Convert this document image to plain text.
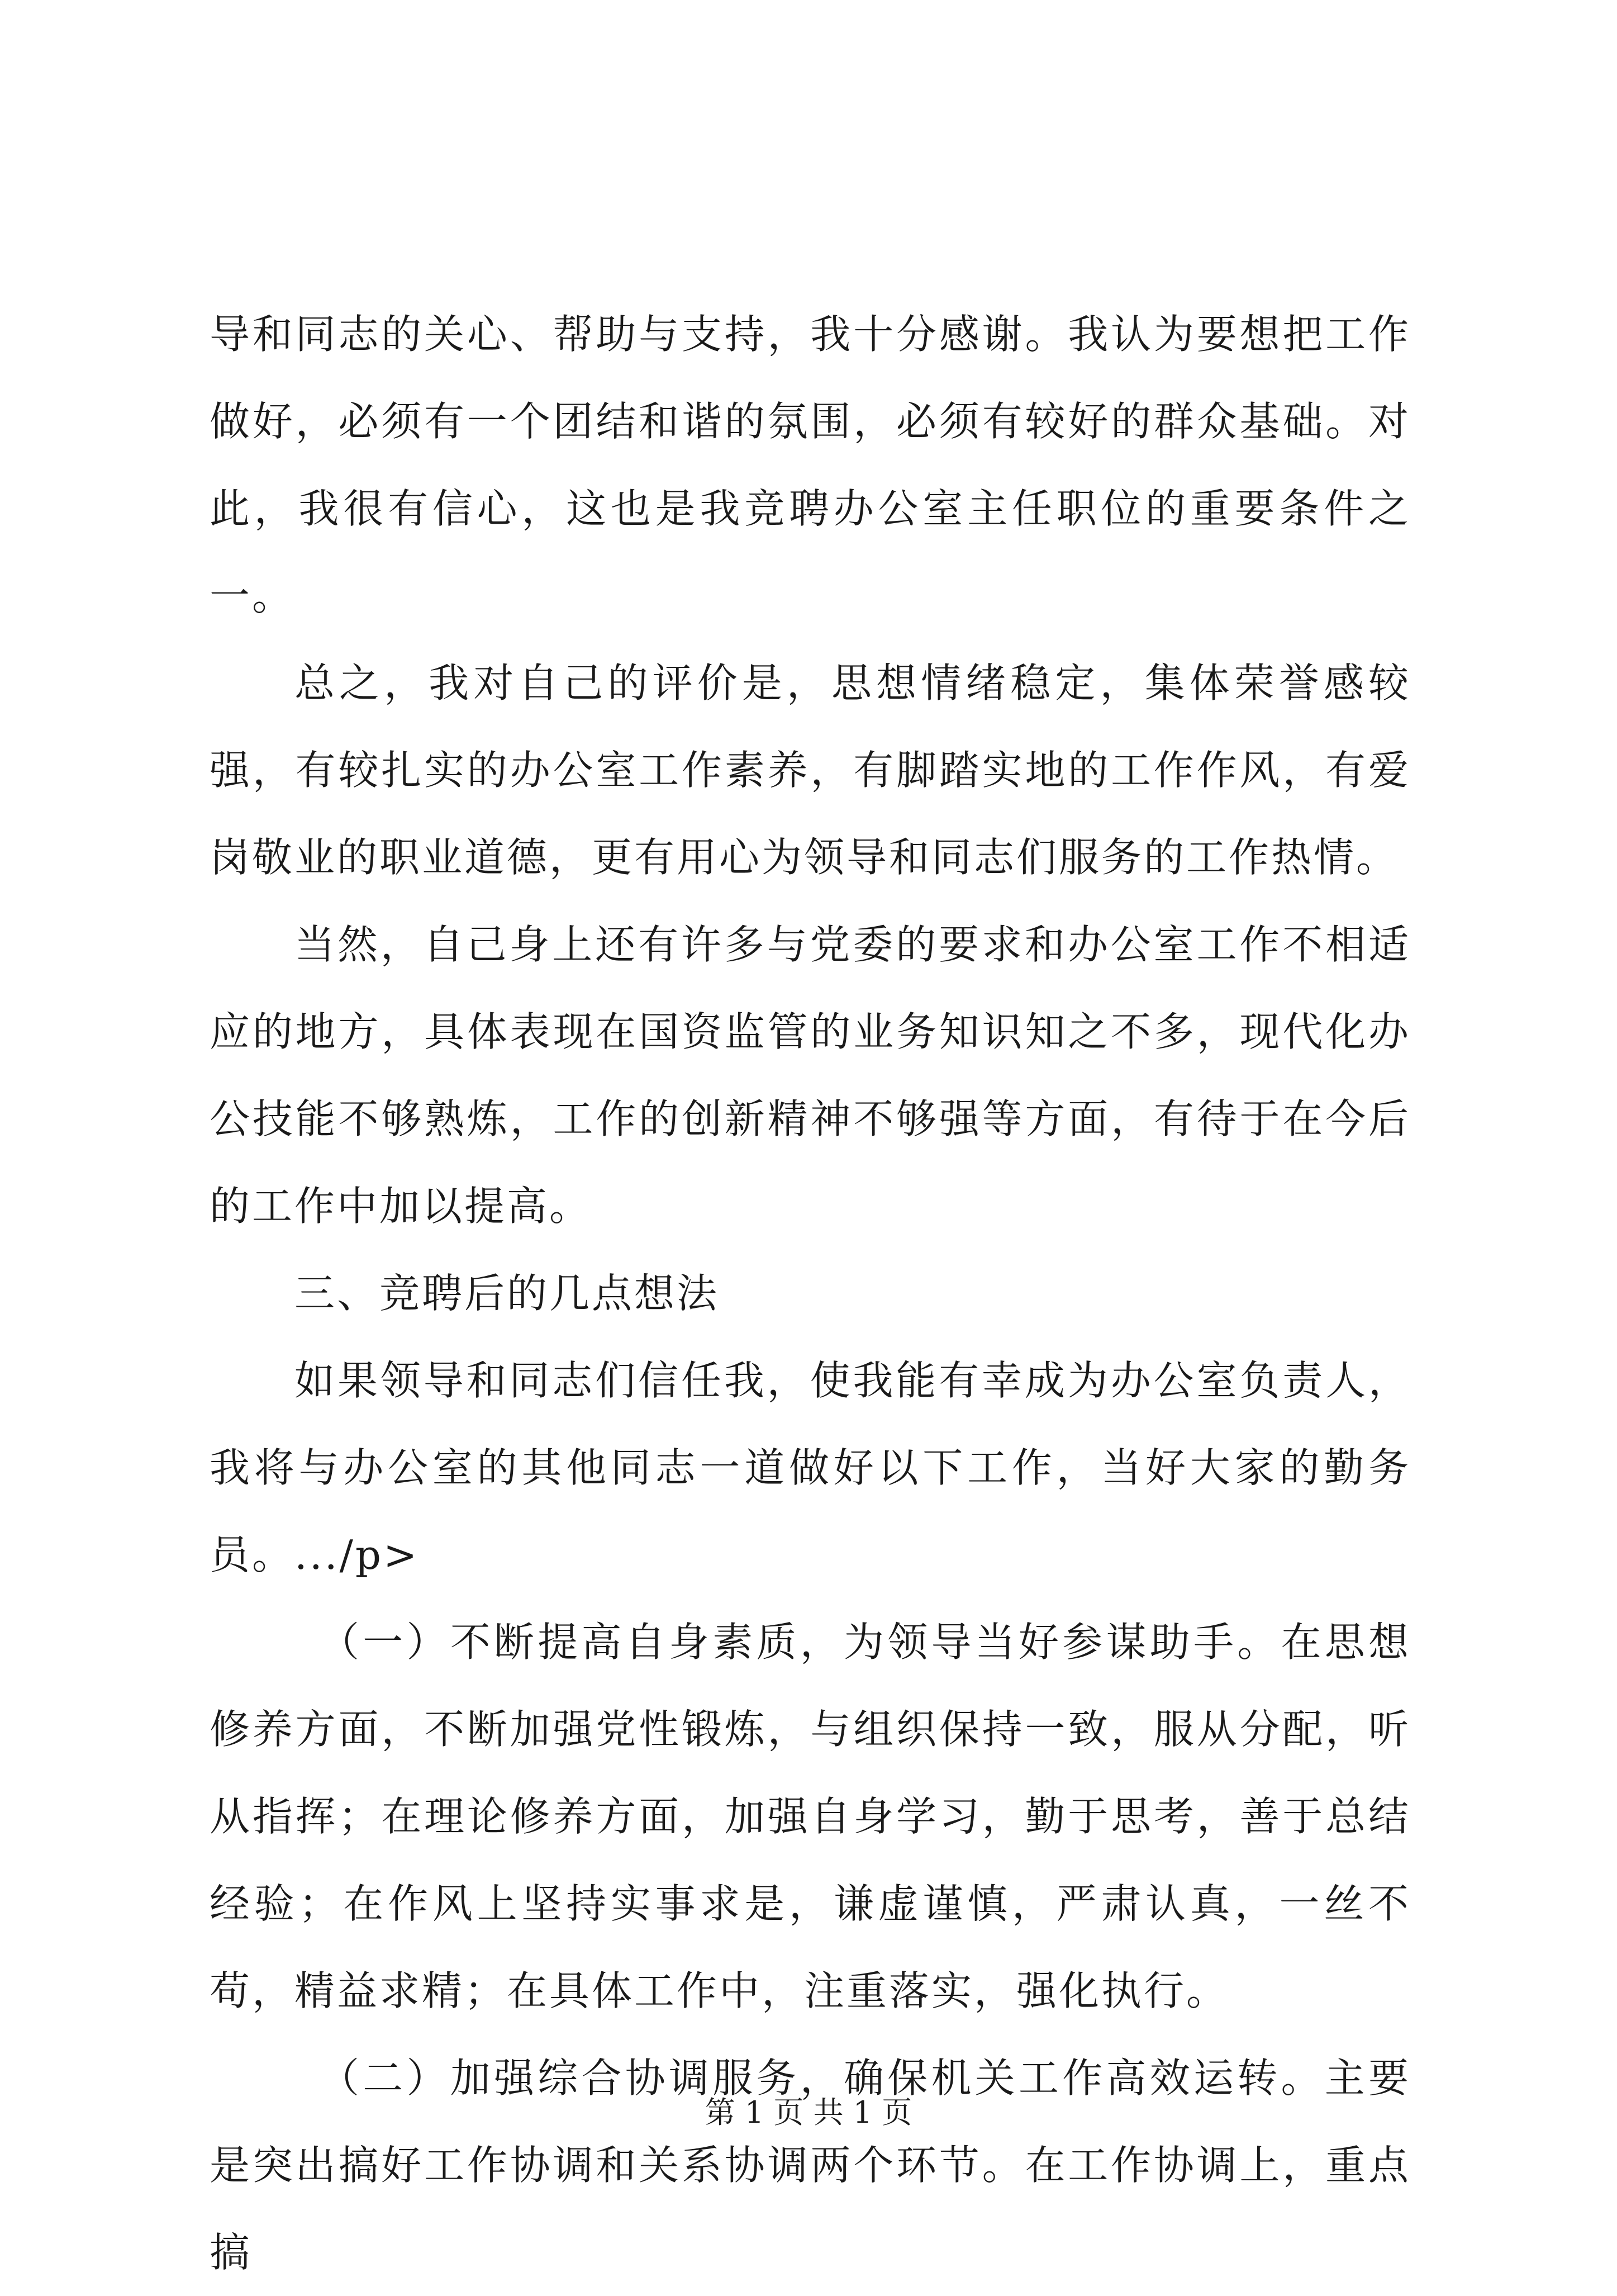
导和同志的关心、帮助与支持，我十分感谢。我认为要想把工作做好，必须有一个团结和谐的氛围，必须有较好的群众基础。对此，我很有信心，这也是我竞聘办公室主任职位的重要条件之一。

总之，我对自己的评价是，思想情绪稳定，集体荣誉感较强，有较扎实的办公室工作素养，有脚踏实地的工作作风，有爱岗敬业的职业道德，更有用心为领导和同志们服务的工作热情。

当然，自己身上还有许多与党委的要求和办公室工作不相适应的地方，具体表现在国资监管的业务知识知之不多，现代化办公技能不够熟炼，工作的创新精神不够强等方面，有待于在今后的工作中加以提高。

三、竞聘后的几点想法

如果领导和同志们信任我，使我能有幸成为办公室负责人，我将与办公室的其他同志一道做好以下工作，当好大家的勤务员。.../p>

（一）不断提高自身素质，为领导当好参谋助手。在思想修养方面，不断加强党性锻炼，与组织保持一致，服从分配，听从指挥；在理论修养方面，加强自身学习，勤于思考，善于总结经验；在作风上坚持实事求是，谦虚谨慎，严肃认真，一丝不苟，精益求精；在具体工作中，注重落实，强化执行。

（二）加强综合协调服务，确保机关工作高效运转。主要是突出搞好工作协调和关系协调两个环节。在工作协调上，重点搞

第 1 页 共 1 页
